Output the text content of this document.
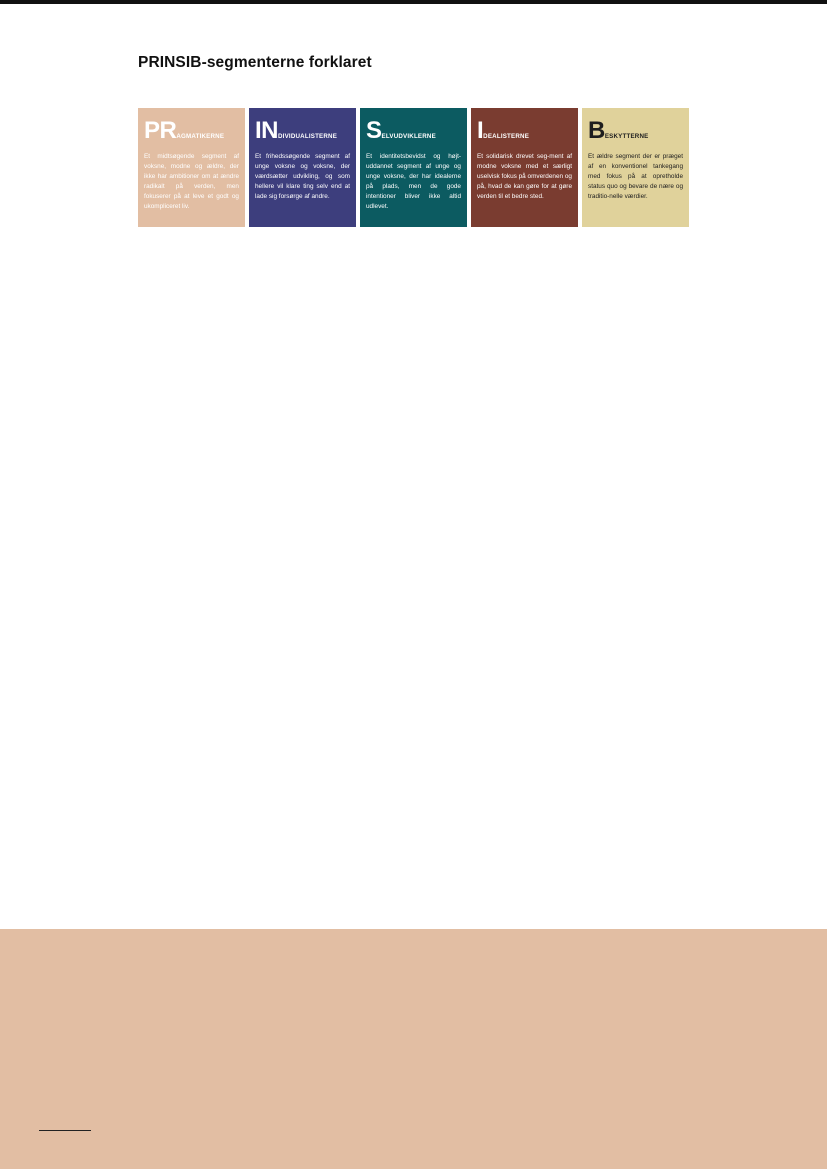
PRINSIB-segmenterne forklaret
PRAGMATIKERNE
Et midtsøgende segment af voksne, modne og ældre, der ikke har ambitioner om at ændre radikalt på verden, men fokuserer på at leve et godt og ukompliceret liv.
INDIVIDUALISTERNE
Et frihedssøgende segment af unge voksne og voksne, der værdsætter udvikling, og som hellere vil klare ting selv end at lade sig forsørge af andre.
SELVUDVIKLERNE
Et identitetsbevidst og højt-uddannet segment af unge og unge voksne, der har idealerne på plads, men de gode intentioner bliver ikke altid udlevet.
IDEALISTERNE
Et solidarisk drevet seg-ment af modne voksne med et særligt uselvisk fokus på omverdenen og på, hvad de kan gøre for at gøre verden til et bedre sted.
BESKYTTERNE
Et ældre segment der er præget af en konventionel tankegang med fokus på at opretholde status quo og bevare de nære og traditio-nelle værdier.
